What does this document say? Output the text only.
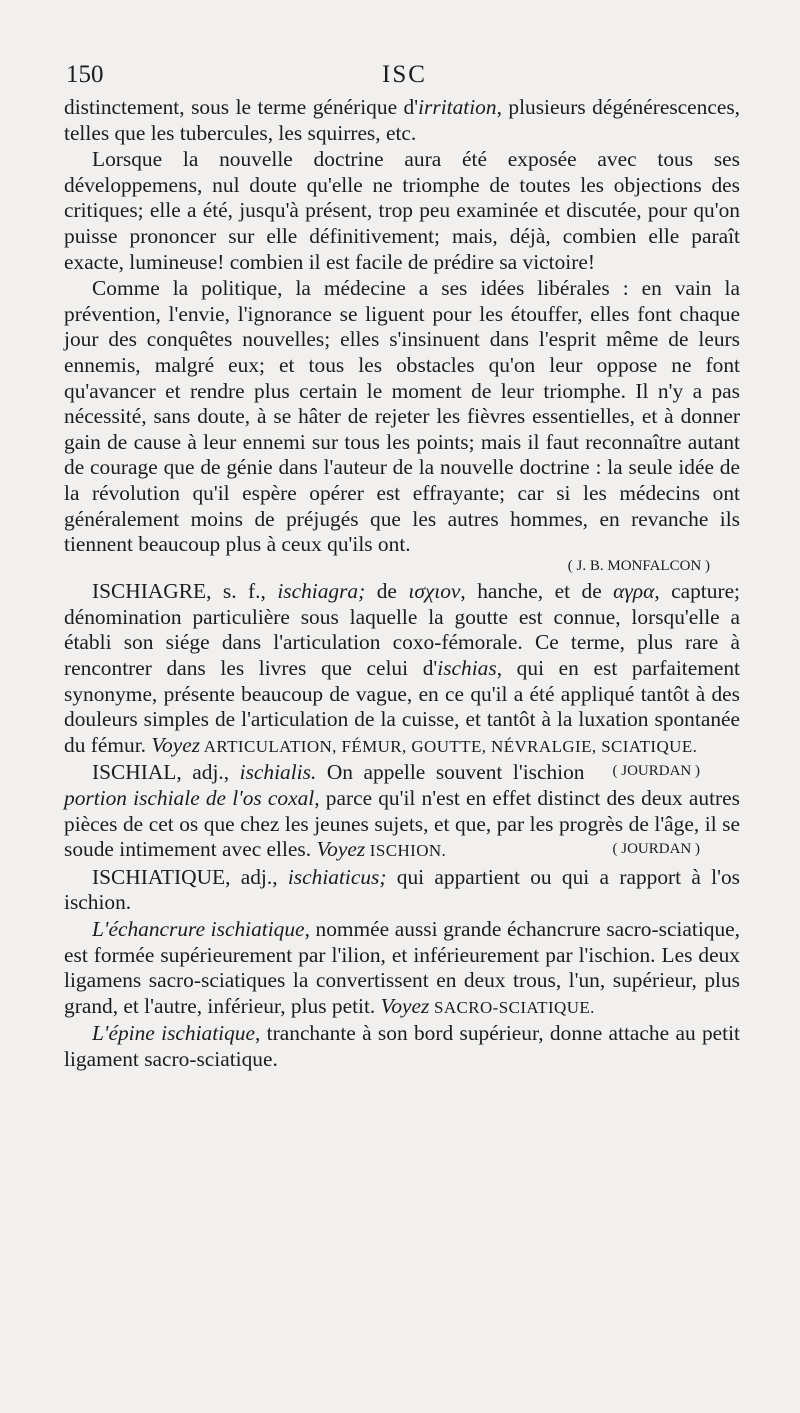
150	ISC

distinctement, sous le terme générique d'irritation, plusieurs dégénérescences, telles que les tubercules, les squirres, etc.

Lorsque la nouvelle doctrine aura été exposée avec tous ses développemens, nul doute qu'elle ne triomphe de toutes les objections des critiques; elle a été, jusqu'à présent, trop peu examinée et discutée, pour qu'on puisse prononcer sur elle définitivement; mais, déjà, combien elle paraît exacte, lumineuse! combien il est facile de prédire sa victoire!

Comme la politique, la médecine a ses idées libérales : en vain la prévention, l'envie, l'ignorance se liguent pour les étouffer, elles font chaque jour des conquêtes nouvelles; elles s'insinuent dans l'esprit même de leurs ennemis, malgré eux; et tous les obstacles qu'on leur oppose ne font qu'avancer et rendre plus certain le moment de leur triomphe. Il n'y a pas nécessité, sans doute, à se hâter de rejeter les fièvres essentielles, et à donner gain de cause à leur ennemi sur tous les points; mais il faut reconnaître autant de courage que de génie dans l'auteur de la nouvelle doctrine : la seule idée de la révolution qu'il espère opérer est effrayante; car si les médecins ont généralement moins de préjugés que les autres hommes, en revanche ils tiennent beaucoup plus à ceux qu'ils ont.

( J. B. MONFALCON )

ISCHIAGRE, s. f., ischiagra; de ισχιον, hanche, et de αγρα, capture; dénomination particulière sous laquelle la goutte est connue, lorsqu'elle a établi son siége dans l'articulation coxo-fémorale. Ce terme, plus rare à rencontrer dans les livres que celui d'ischias, qui en est parfaitement synonyme, présente beaucoup de vague, en ce qu'il a été appliqué tantôt à des douleurs simples de l'articulation de la cuisse, et tantôt à la luxation spontanée du fémur. Voyez ARTICULATION, FÉMUR, GOUTTE, NÉVRALGIE, SCIATIQUE.
( JOURDAN )

ISCHIAL, adj., ischialis. On appelle souvent l'ischion portion ischiale de l'os coxal, parce qu'il n'est en effet distinct des deux autres pièces de cet os que chez les jeunes sujets, et que, par les progrès de l'âge, il se soude intimement avec elles. Voyez ISCHION.	( JOURDAN )

ISCHIATIQUE, adj., ischiaticus; qui appartient ou qui a rapport à l'os ischion.

L'échancrure ischiatique, nommée aussi grande échancrure sacro-sciatique, est formée supérieurement par l'ilion, et inférieurement par l'ischion. Les deux ligamens sacro-sciatiques la convertissent en deux trous, l'un, supérieur, plus grand, et l'autre, inférieur, plus petit. Voyez SACRO-SCIATIQUE.

L'épine ischiatique, tranchante à son bord supérieur, donne attache au petit ligament sacro-sciatique.
